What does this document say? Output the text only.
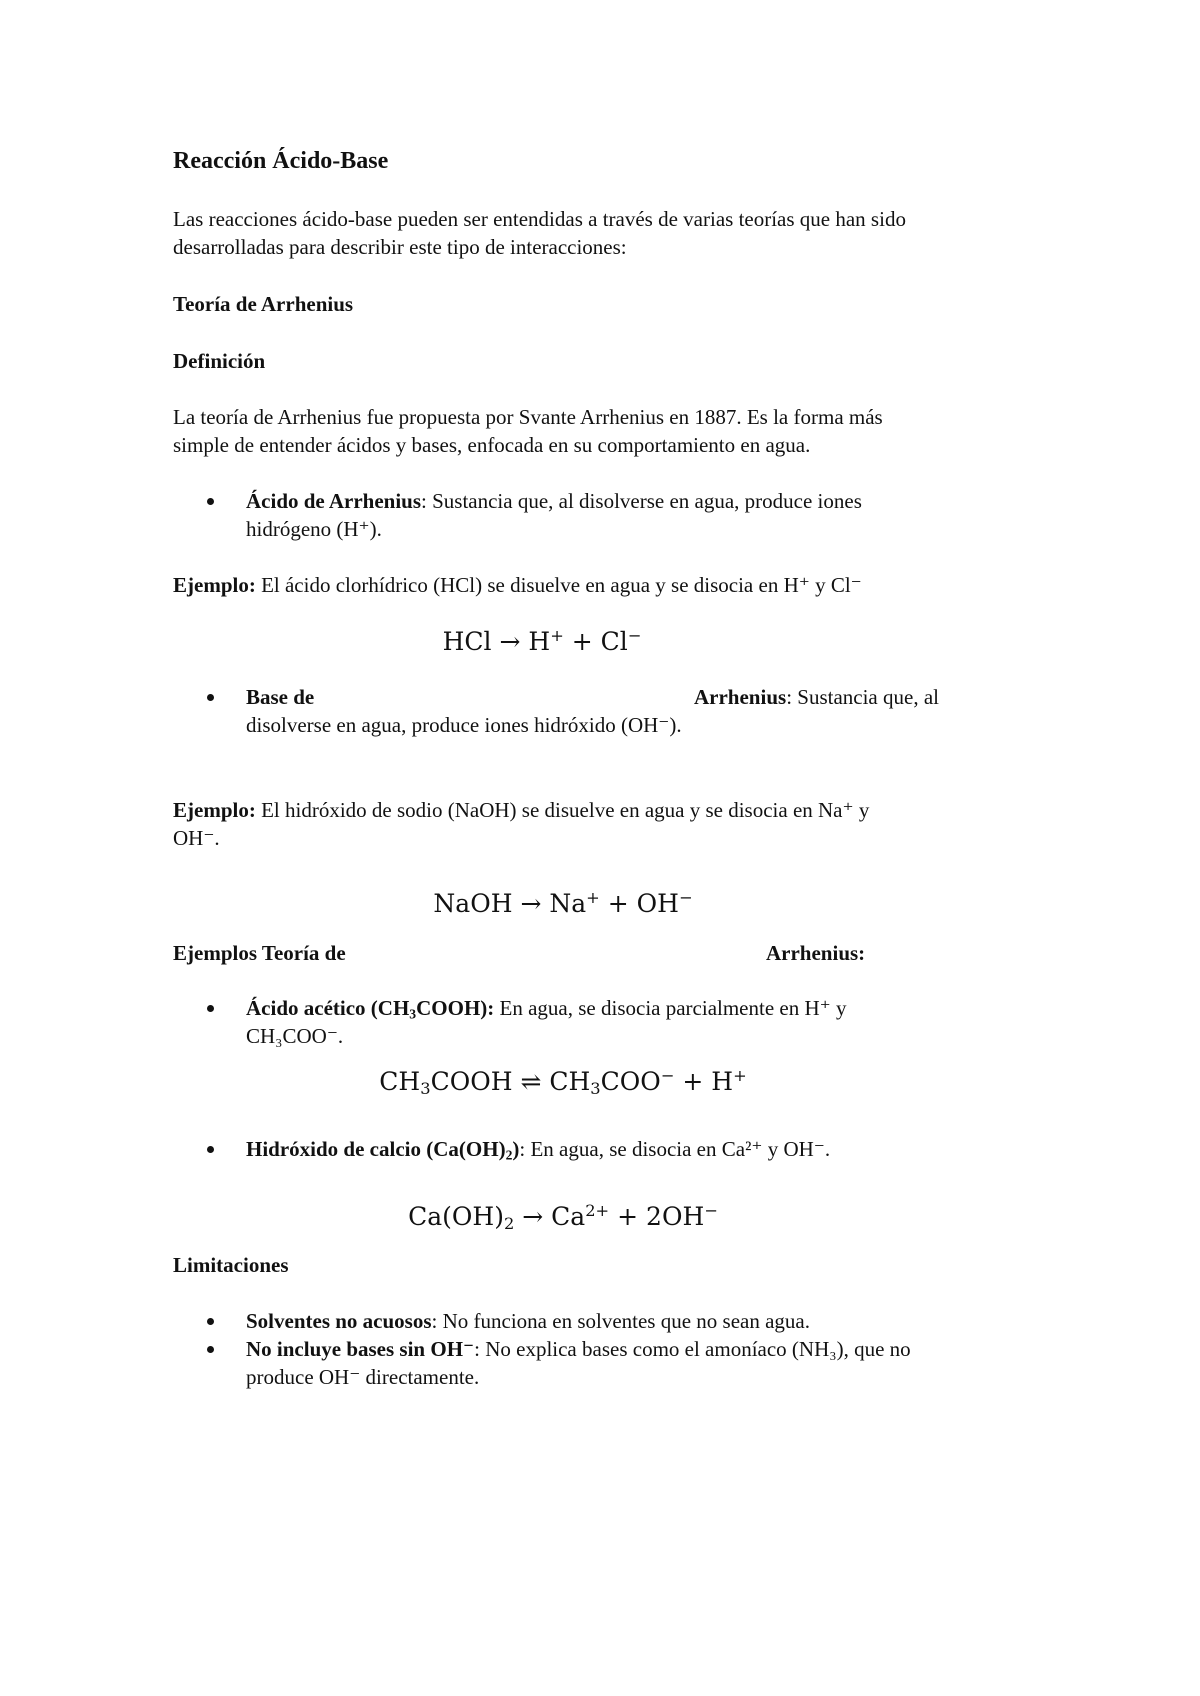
Reacción Ácido-Base

Las reacciones ácido-base pueden ser entendidas a través de varias teorías que han sido

desarrolladas para describir este tipo de interacciones:

Teoría de Arrhenius

Definición

La teoría de Arrhenius fue propuesta por Svante Arrhenius en 1887. Es la forma más

simple de entender ácidos y bases, enfocada en su comportamiento en agua.

Ácido de Arrhenius: Sustancia que, al disolverse en agua, produce iones

hidrógeno (H⁺).

Ejemplo: El ácido clorhídrico (HCl) se disuelve en agua y se disocia en H⁺ y Cl⁻

HCl → H+ + Cl−

Base de	Arrhenius: Sustancia que, al

disolverse en agua, produce iones hidróxido (OH⁻).

Ejemplo: El hidróxido de sodio (NaOH) se disuelve en agua y se disocia en Na⁺ y

OH⁻.

NaOH → Na+ + OH−

Ejemplos Teoría de	Arrhenius:

Ácido acético $(CH_3COOH)$: En agua, se disocia parcialmente en H⁺ y

CH₃COO⁻.

$CH_3COOH$ ⇌ $CH_3COO^- + H^+$

Hidróxido de calcio $(Ca(OH)_2)$: En agua, se disocia en Ca²⁺ y OH⁻.

$Ca(OH)_2 \to Ca^{2+} + 2OH^-$

Limitaciones

Solventes no acuosos: No funciona en solventes que no sean agua.

No incluye bases sin OH⁻: No explica bases como el amoníaco (NH₃), que no

produce OH⁻ directamente.
